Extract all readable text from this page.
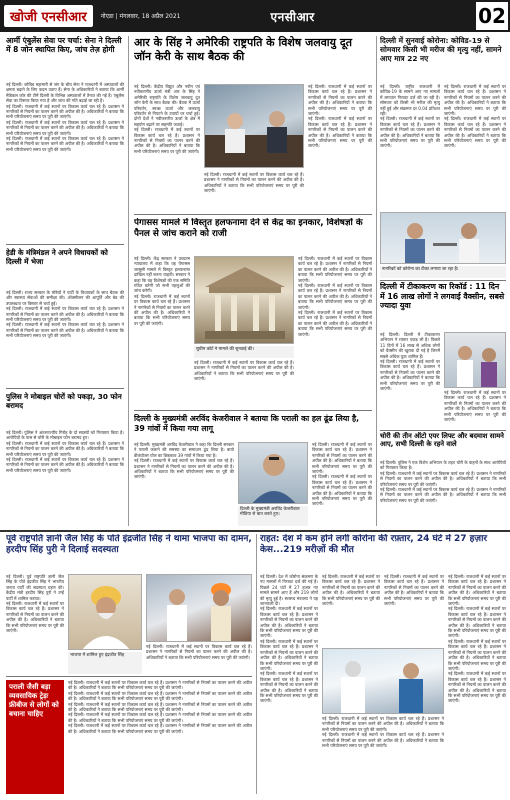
खोजी एनसीआर	नोएडा | मंगलवार, 18 अप्रैल 2021	एनसीआर	02
आर्मी एंबुलेंस सेवा पर चर्चा: सेना ने दिल्ली में 8 जोन स्थापित किए, जांच तेज़ होगी
नई दिल्ली। कोविड महामारी से जंग के बीच सेना ने राजधानी में अस्पतालों की क्षमता बढ़ाने के लिए कदम उठाए हैं। सेना के अधिकारियों ने बताया कि आर्मी मेडिकल कोर की टीमें दिल्ली के विभिन्न अस्पतालों में तैनात की गई हैं। एंबुलेंस सेवा का विस्तार किया गया है और जांच की गति बढ़ाई जा रही है।
नई दिल्ली। राजधानी में कई स्थानों पर विकास कार्य चल रहे हैं। प्रशासन ने नागरिकों से नियमों का पालन करने की अपील की है। अधिकारियों ने बताया कि सभी परियोजनाएं समय पर पूरी की जाएंगी।
नई दिल्ली। राजधानी में कई स्थानों पर विकास कार्य चल रहे हैं। प्रशासन ने नागरिकों से नियमों का पालन करने की अपील की है। अधिकारियों ने बताया कि सभी परियोजनाएं समय पर पूरी की जाएंगी।
नई दिल्ली। राजधानी में कई स्थानों पर विकास कार्य चल रहे हैं। प्रशासन ने नागरिकों से नियमों का पालन करने की अपील की है। अधिकारियों ने बताया कि सभी परियोजनाएं समय पर पूरी की जाएंगी।
हेडी के मंत्रिमंडल ने अपने विधायकों को दिल्ली में भेजा
नई दिल्ली। राज्य सरकार के मंत्रियों ने पार्टी के विधायकों के साथ बैठक की और स्वास्थ्य सेवाओं की समीक्षा की। ऑक्सीजन की आपूर्ति और बेड की उपलब्धता पर विस्तार से चर्चा हुई।
नई दिल्ली। राजधानी में कई स्थानों पर विकास कार्य चल रहे हैं। प्रशासन ने नागरिकों से नियमों का पालन करने की अपील की है। अधिकारियों ने बताया कि सभी परियोजनाएं समय पर पूरी की जाएंगी।
नई दिल्ली। राजधानी में कई स्थानों पर विकास कार्य चल रहे हैं। प्रशासन ने नागरिकों से नियमों का पालन करने की अपील की है। अधिकारियों ने बताया कि सभी परियोजनाएं समय पर पूरी की जाएंगी।
पुलिस ने मोबाइल चोरों को पकड़ा, 30 फोन बरामद
नई दिल्ली। पुलिस ने अंतरराज्यीय गिरोह के दो सदस्यों को गिरफ्तार किया है। आरोपियों के पास से चोरी के मोबाइल फोन बरामद हुए।
नई दिल्ली। राजधानी में कई स्थानों पर विकास कार्य चल रहे हैं। प्रशासन ने नागरिकों से नियमों का पालन करने की अपील की है। अधिकारियों ने बताया कि सभी परियोजनाएं समय पर पूरी की जाएंगी।
नई दिल्ली। राजधानी में कई स्थानों पर विकास कार्य चल रहे हैं। प्रशासन ने नागरिकों से नियमों का पालन करने की अपील की है। अधिकारियों ने बताया कि सभी परियोजनाएं समय पर पूरी की जाएंगी।
आर के सिंह ने अमेरिकी राष्ट्रपति के विशेष जलवायु दूत जॉन केरी के साथ बैठक की
नई दिल्ली। केंद्रीय विद्युत और नवीन एवं नवीकरणीय ऊर्जा मंत्री आर के सिंह ने अमेरिकी राष्ट्रपति के विशेष जलवायु दूत जॉन केरी के साथ बैठक की। बैठक में ऊर्जा परिवर्तन, स्वच्छ ऊर्जा और जलवायु परिवर्तन से निपटने के उपायों पर चर्चा हुई। दोनों देशों ने नवीकरणीय ऊर्जा के क्षेत्र में सहयोग बढ़ाने पर सहमति जताई।
नई दिल्ली। राजधानी में कई स्थानों पर विकास कार्य चल रहे हैं। प्रशासन ने नागरिकों से नियमों का पालन करने की अपील की है। अधिकारियों ने बताया कि सभी परियोजनाएं समय पर पूरी की जाएंगी।
नई दिल्ली। राजधानी में कई स्थानों पर विकास कार्य चल रहे हैं। प्रशासन ने नागरिकों से नियमों का पालन करने की अपील की है। अधिकारियों ने बताया कि सभी परियोजनाएं समय पर पूरी की जाएंगी।
नई दिल्ली। राजधानी में कई स्थानों पर विकास कार्य चल रहे हैं। प्रशासन ने नागरिकों से नियमों का पालन करने की अपील की है। अधिकारियों ने बताया कि सभी परियोजनाएं समय पर पूरी की जाएंगी।
नई दिल्ली। राजधानी में कई स्थानों पर विकास कार्य चल रहे हैं। प्रशासन ने नागरिकों से नियमों का पालन करने की अपील की है। अधिकारियों ने बताया कि सभी परियोजनाएं समय पर पूरी की जाएंगी।
पेगासस मामले में विस्तृत हलफनामा देने से केंद्र का इनकार, विशेषज्ञों के पैनल से जांच कराने को राजी
नई दिल्ली। केंद्र सरकार ने उच्चतम न्यायालय में कहा कि वह पेगासस जासूसी मामले में विस्तृत हलफनामा दाखिल नहीं करना चाहती। सरकार ने कहा कि वह विशेषज्ञों की एक समिति गठित करेगी जो सभी पहलुओं की जांच करेगी।
नई दिल्ली। राजधानी में कई स्थानों पर विकास कार्य चल रहे हैं। प्रशासन ने नागरिकों से नियमों का पालन करने की अपील की है। अधिकारियों ने बताया कि सभी परियोजनाएं समय पर पूरी की जाएंगी।
सुप्रीम कोर्ट ने मामले की सुनवाई की।
नई दिल्ली। राजधानी में कई स्थानों पर विकास कार्य चल रहे हैं। प्रशासन ने नागरिकों से नियमों का पालन करने की अपील की है। अधिकारियों ने बताया कि सभी परियोजनाएं समय पर पूरी की जाएंगी।
नई दिल्ली। राजधानी में कई स्थानों पर विकास कार्य चल रहे हैं। प्रशासन ने नागरिकों से नियमों का पालन करने की अपील की है। अधिकारियों ने बताया कि सभी परियोजनाएं समय पर पूरी की जाएंगी।
नई दिल्ली। राजधानी में कई स्थानों पर विकास कार्य चल रहे हैं। प्रशासन ने नागरिकों से नियमों का पालन करने की अपील की है। अधिकारियों ने बताया कि सभी परियोजनाएं समय पर पूरी की जाएंगी।
नई दिल्ली। राजधानी में कई स्थानों पर विकास कार्य चल रहे हैं। प्रशासन ने नागरिकों से नियमों का पालन करने की अपील की है। अधिकारियों ने बताया कि सभी परियोजनाएं समय पर पूरी की जाएंगी।
दिल्ली के मुख्यमंत्री अरविंद केजरीवाल ने बताया कि पराली का हल ढूंढ लिया है, 39 गांवों में किया गया लागू
नई दिल्ली। मुख्यमंत्री अरविंद केजरीवाल ने कहा कि दिल्ली सरकार ने पराली जलाने की समस्या का समाधान ढूंढ लिया है। बायो डीकंपोजर घोल का छिड़काव 39 गांवों में किया गया है।
नई दिल्ली। राजधानी में कई स्थानों पर विकास कार्य चल रहे हैं। प्रशासन ने नागरिकों से नियमों का पालन करने की अपील की है। अधिकारियों ने बताया कि सभी परियोजनाएं समय पर पूरी की जाएंगी।
दिल्ली के मुख्यमंत्री अरविंद केजरीवाल मीडिया से बात करते हुए।
नई दिल्ली। राजधानी में कई स्थानों पर विकास कार्य चल रहे हैं। प्रशासन ने नागरिकों से नियमों का पालन करने की अपील की है। अधिकारियों ने बताया कि सभी परियोजनाएं समय पर पूरी की जाएंगी।
नई दिल्ली। राजधानी में कई स्थानों पर विकास कार्य चल रहे हैं। प्रशासन ने नागरिकों से नियमों का पालन करने की अपील की है। अधिकारियों ने बताया कि सभी परियोजनाएं समय पर पूरी की जाएंगी।
दिल्ली में सुनवाई कोरोना: कोविड-19 से सोमवार किसी भी मरीज की मृत्यु नहीं, सामने आए मात्र 22 नए
नई दिल्ली। राष्ट्रीय राजधानी में कोविड-19 के सामने आए नए मामलों में लगातार गिरावट दर्ज की जा रही है। सोमवार को किसी भी मरीज की मृत्यु नहीं हुई और संक्रमण दर 0.04 प्रतिशत रही।
नई दिल्ली। राजधानी में कई स्थानों पर विकास कार्य चल रहे हैं। प्रशासन ने नागरिकों से नियमों का पालन करने की अपील की है। अधिकारियों ने बताया कि सभी परियोजनाएं समय पर पूरी की जाएंगी।
नई दिल्ली। राजधानी में कई स्थानों पर विकास कार्य चल रहे हैं। प्रशासन ने नागरिकों से नियमों का पालन करने की अपील की है। अधिकारियों ने बताया कि सभी परियोजनाएं समय पर पूरी की जाएंगी।
नई दिल्ली। राजधानी में कई स्थानों पर विकास कार्य चल रहे हैं। प्रशासन ने नागरिकों से नियमों का पालन करने की अपील की है। अधिकारियों ने बताया कि सभी परियोजनाएं समय पर पूरी की जाएंगी।
नागरिकों को कोरोना का टीका लगाया जा रहा है।
दिल्ली में टीकाकरण का रिकॉर्ड : 11 दिन में 16 लाख लोगों ने लगवाई वैक्सीन, सबसे ज्यादा युवा
नई दिल्ली। दिल्ली में टीकाकरण अभियान ने रफ्तार पकड़ ली है। पिछले 11 दिनों में 16 लाख से अधिक लोगों को वैक्सीन की खुराक दी गई है जिनमें सबसे अधिक युवा शामिल हैं।
नई दिल्ली। राजधानी में कई स्थानों पर विकास कार्य चल रहे हैं। प्रशासन ने नागरिकों से नियमों का पालन करने की अपील की है। अधिकारियों ने बताया कि सभी परियोजनाएं समय पर पूरी की जाएंगी।
नई दिल्ली। राजधानी में कई स्थानों पर विकास कार्य चल रहे हैं। प्रशासन ने नागरिकों से नियमों का पालन करने की अपील की है। अधिकारियों ने बताया कि सभी परियोजनाएं समय पर पूरी की जाएंगी।
चोरी की तीन ऑटो एयर लिफ्ट और बदमाश सामने आए, सभी दिल्ली के रहने वाले
नई दिल्ली। पुलिस ने एक विशेष अभियान के तहत चोरी के वाहनों के साथ आरोपियों को गिरफ्तार किया है।
नई दिल्ली। राजधानी में कई स्थानों पर विकास कार्य चल रहे हैं। प्रशासन ने नागरिकों से नियमों का पालन करने की अपील की है। अधिकारियों ने बताया कि सभी परियोजनाएं समय पर पूरी की जाएंगी।
नई दिल्ली। राजधानी में कई स्थानों पर विकास कार्य चल रहे हैं। प्रशासन ने नागरिकों से नियमों का पालन करने की अपील की है। अधिकारियों ने बताया कि सभी परियोजनाएं समय पर पूरी की जाएंगी।
पूर्व राष्ट्रपति ज्ञानी जैल सिंह के पोते इंद्रजीत सिंह ने थामा भाजपा का दामन, हरदीप सिंह पुरी ने दिलाई सदस्यता
नई दिल्ली। पूर्व राष्ट्रपति ज्ञानी जैल सिंह के पोते इंद्रजीत सिंह ने भारतीय जनता पार्टी की सदस्यता ग्रहण की। केंद्रीय मंत्री हरदीप सिंह पुरी ने उन्हें पार्टी में शामिल कराया।
नई दिल्ली। राजधानी में कई स्थानों पर विकास कार्य चल रहे हैं। प्रशासन ने नागरिकों से नियमों का पालन करने की अपील की है। अधिकारियों ने बताया कि सभी परियोजनाएं समय पर पूरी की जाएंगी।
भाजपा में शामिल हुए इंद्रजीत सिंह
नई दिल्ली। राजधानी में कई स्थानों पर विकास कार्य चल रहे हैं। प्रशासन ने नागरिकों से नियमों का पालन करने की अपील की है। अधिकारियों ने बताया कि सभी परियोजनाएं समय पर पूरी की जाएंगी।
पराली जैसी बड़ा व्यवसायिक ट्रेड़ः फ्रीबीज से लोगों को बचाना चाहिए
नई दिल्ली। राजधानी में कई स्थानों पर विकास कार्य चल रहे हैं। प्रशासन ने नागरिकों से नियमों का पालन करने की अपील की है। अधिकारियों ने बताया कि सभी परियोजनाएं समय पर पूरी की जाएंगी।
नई दिल्ली। राजधानी में कई स्थानों पर विकास कार्य चल रहे हैं। प्रशासन ने नागरिकों से नियमों का पालन करने की अपील की है। अधिकारियों ने बताया कि सभी परियोजनाएं समय पर पूरी की जाएंगी।
नई दिल्ली। राजधानी में कई स्थानों पर विकास कार्य चल रहे हैं। प्रशासन ने नागरिकों से नियमों का पालन करने की अपील की है। अधिकारियों ने बताया कि सभी परियोजनाएं समय पर पूरी की जाएंगी।
नई दिल्ली। राजधानी में कई स्थानों पर विकास कार्य चल रहे हैं। प्रशासन ने नागरिकों से नियमों का पालन करने की अपील की है। अधिकारियों ने बताया कि सभी परियोजनाएं समय पर पूरी की जाएंगी।
नई दिल्ली। राजधानी में कई स्थानों पर विकास कार्य चल रहे हैं। प्रशासन ने नागरिकों से नियमों का पालन करने की अपील की है। अधिकारियों ने बताया कि सभी परियोजनाएं समय पर पूरी की जाएंगी।
राहत: देश में कम होने लगी कोरोना की रफ़्तार, 24 घंटे में 27 हज़ार केस...219 मरीज़ों की मौत
नई दिल्ली। देश में कोरोना संक्रमण के नए मामलों में गिरावट दर्ज की गई है। पिछले 24 घंटों में 27 हज़ार नए मामले सामने आए हैं और 219 लोगों की मृत्यु हुई है। स्वास्थ्य मंत्रालय ने यह जानकारी दी।
नई दिल्ली। राजधानी में कई स्थानों पर विकास कार्य चल रहे हैं। प्रशासन ने नागरिकों से नियमों का पालन करने की अपील की है। अधिकारियों ने बताया कि सभी परियोजनाएं समय पर पूरी की जाएंगी।
नई दिल्ली। राजधानी में कई स्थानों पर विकास कार्य चल रहे हैं। प्रशासन ने नागरिकों से नियमों का पालन करने की अपील की है। अधिकारियों ने बताया कि सभी परियोजनाएं समय पर पूरी की जाएंगी।
नई दिल्ली। राजधानी में कई स्थानों पर विकास कार्य चल रहे हैं। प्रशासन ने नागरिकों से नियमों का पालन करने की अपील की है। अधिकारियों ने बताया कि सभी परियोजनाएं समय पर पूरी की जाएंगी।
नई दिल्ली। राजधानी में कई स्थानों पर विकास कार्य चल रहे हैं। प्रशासन ने नागरिकों से नियमों का पालन करने की अपील की है। अधिकारियों ने बताया कि सभी परियोजनाएं समय पर पूरी की जाएंगी।
नई दिल्ली। राजधानी में कई स्थानों पर विकास कार्य चल रहे हैं। प्रशासन ने नागरिकों से नियमों का पालन करने की अपील की है। अधिकारियों ने बताया कि सभी परियोजनाएं समय पर पूरी की जाएंगी।
नई दिल्ली। राजधानी में कई स्थानों पर विकास कार्य चल रहे हैं। प्रशासन ने नागरिकों से नियमों का पालन करने की अपील की है। अधिकारियों ने बताया कि सभी परियोजनाएं समय पर पूरी की जाएंगी।
नई दिल्ली। राजधानी में कई स्थानों पर विकास कार्य चल रहे हैं। प्रशासन ने नागरिकों से नियमों का पालन करने की अपील की है। अधिकारियों ने बताया कि सभी परियोजनाएं समय पर पूरी की जाएंगी।
नई दिल्ली। राजधानी में कई स्थानों पर विकास कार्य चल रहे हैं। प्रशासन ने नागरिकों से नियमों का पालन करने की अपील की है। अधिकारियों ने बताया कि सभी परियोजनाएं समय पर पूरी की जाएंगी।
नई दिल्ली। राजधानी में कई स्थानों पर विकास कार्य चल रहे हैं। प्रशासन ने नागरिकों से नियमों का पालन करने की अपील की है। अधिकारियों ने बताया कि सभी परियोजनाएं समय पर पूरी की जाएंगी।
नई दिल्ली। राजधानी में कई स्थानों पर विकास कार्य चल रहे हैं। प्रशासन ने नागरिकों से नियमों का पालन करने की अपील की है। अधिकारियों ने बताया कि सभी परियोजनाएं समय पर पूरी की जाएंगी।
नई दिल्ली। राजधानी में कई स्थानों पर विकास कार्य चल रहे हैं। प्रशासन ने नागरिकों से नियमों का पालन करने की अपील की है। अधिकारियों ने बताया कि सभी परियोजनाएं समय पर पूरी की जाएंगी।
